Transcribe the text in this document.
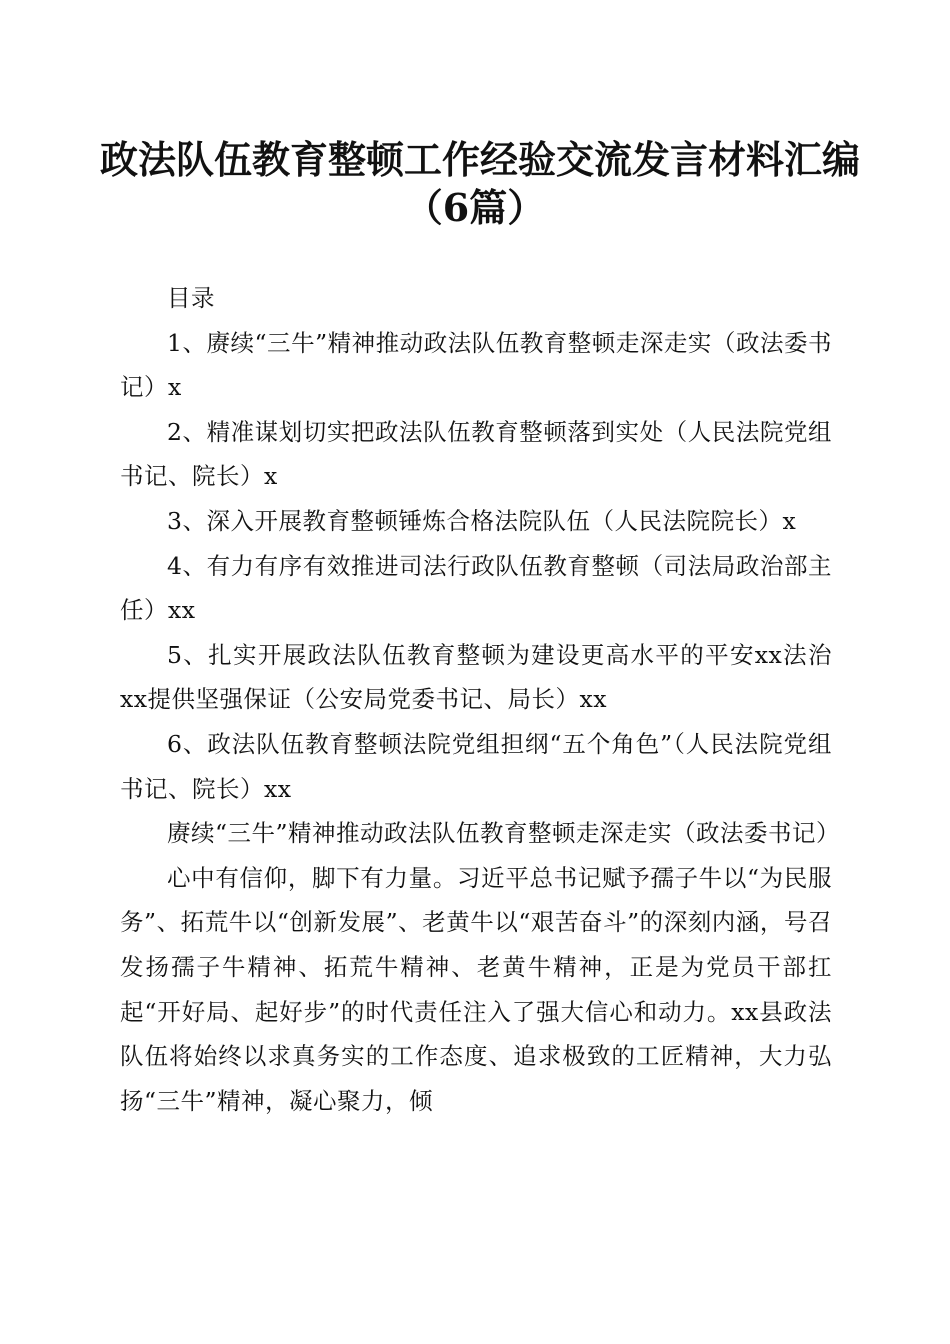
政法队伍教育整顿工作经验交流发言材料汇编
（6篇）

目录

1、赓续“三牛”精神推动政法队伍教育整顿走深走实（政法委书记）x

2、精准谋划切实把政法队伍教育整顿落到实处（人民法院党组书记、院长）x

3、深入开展教育整顿锤炼合格法院队伍（人民法院院长）x

4、有力有序有效推进司法行政队伍教育整顿（司法局政治部主任）xx

5、扎实开展政法队伍教育整顿为建设更高水平的平安xx法治xx提供坚强保证（公安局党委书记、局长）xx

6、政法队伍教育整顿法院党组担纲“五个角色”（人民法院党组书记、院长）xx

赓续“三牛”精神推动政法队伍教育整顿走深走实（政法委书记）

心中有信仰，脚下有力量。习近平总书记赋予孺子牛以“为民服务”、拓荒牛以“创新发展”、老黄牛以“艰苦奋斗”的深刻内涵，号召发扬孺子牛精神、拓荒牛精神、老黄牛精神，正是为党员干部扛起“开好局、起好步”的时代责任注入了强大信心和动力。xx县政法队伍将始终以求真务实的工作态度、追求极致的工匠精神，大力弘扬“三牛”精神，凝心聚力，倾
